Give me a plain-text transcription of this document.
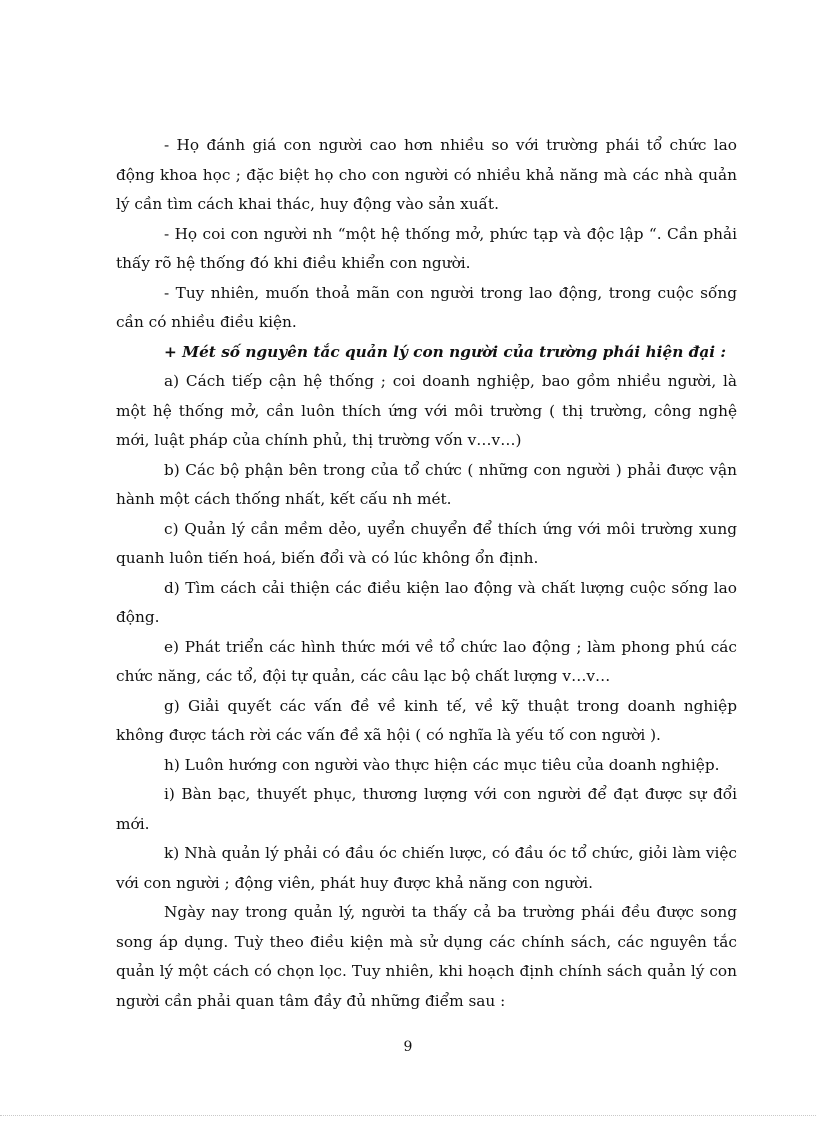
- Họ đánh giá con người cao hơn nhiều so với trường phái tổ chức lao động khoa học ; đặc biệt họ cho con người có nhiều khả năng mà các nhà quản lý cần tìm cách khai thác, huy động vào sản xuất.

- Họ coi con người nh “một hệ thống mở, phức tạp và độc lập “. Cần phải thấy rõ hệ thống đó khi điều khiển con người.

- Tuy nhiên, muốn thoả mãn con người trong lao động, trong cuộc sống cần có nhiều điều kiện.

+ Mét số nguyên tắc quản lý con người của trường phái hiện đại :

a) Cách tiếp cận hệ thống ; coi doanh nghiệp, bao gồm nhiều người, là một hệ thống mở, cần luôn thích ứng với môi trường ( thị trường, công nghệ mới, luật pháp của chính phủ, thị trường vốn v…v…)

b) Các bộ phận bên trong của tổ chức ( những con người ) phải được vận hành một cách thống nhất, kết cấu nh mét.

c) Quản lý cần mềm dẻo, uyển chuyển để thích ứng với môi trường xung quanh luôn tiến hoá, biến đổi và có lúc không ổn định.

d) Tìm cách cải thiện các điều kiện lao động và chất lượng cuộc sống lao động.

e) Phát triển các hình thức mới về tổ chức lao động ; làm phong phú các chức năng, các tổ, đội tự quản, các câu lạc bộ chất lượng v…v…

g) Giải quyết các vấn đề về kinh tế, về kỹ thuật trong doanh nghiệp không được tách rời các vấn đề xã hội ( có nghĩa là yếu tố con người ).

h) Luôn hướng con người vào thực hiện các mục tiêu của doanh nghiệp.

i) Bàn bạc, thuyết phục, thương lượng với con người để đạt được sự đổi mới.

k) Nhà quản lý phải có đầu óc chiến lược, có đầu óc tổ chức, giỏi làm việc với con người ; động viên, phát huy được khả năng con người.

Ngày nay trong quản lý, người ta thấy cả ba trường phái đều được song song áp dụng. Tuỳ theo điều kiện mà sử dụng các chính sách, các nguyên tắc quản lý một cách có chọn lọc. Tuy nhiên, khi hoạch định chính sách quản lý con người cần phải quan tâm đầy đủ những điểm sau :

9
